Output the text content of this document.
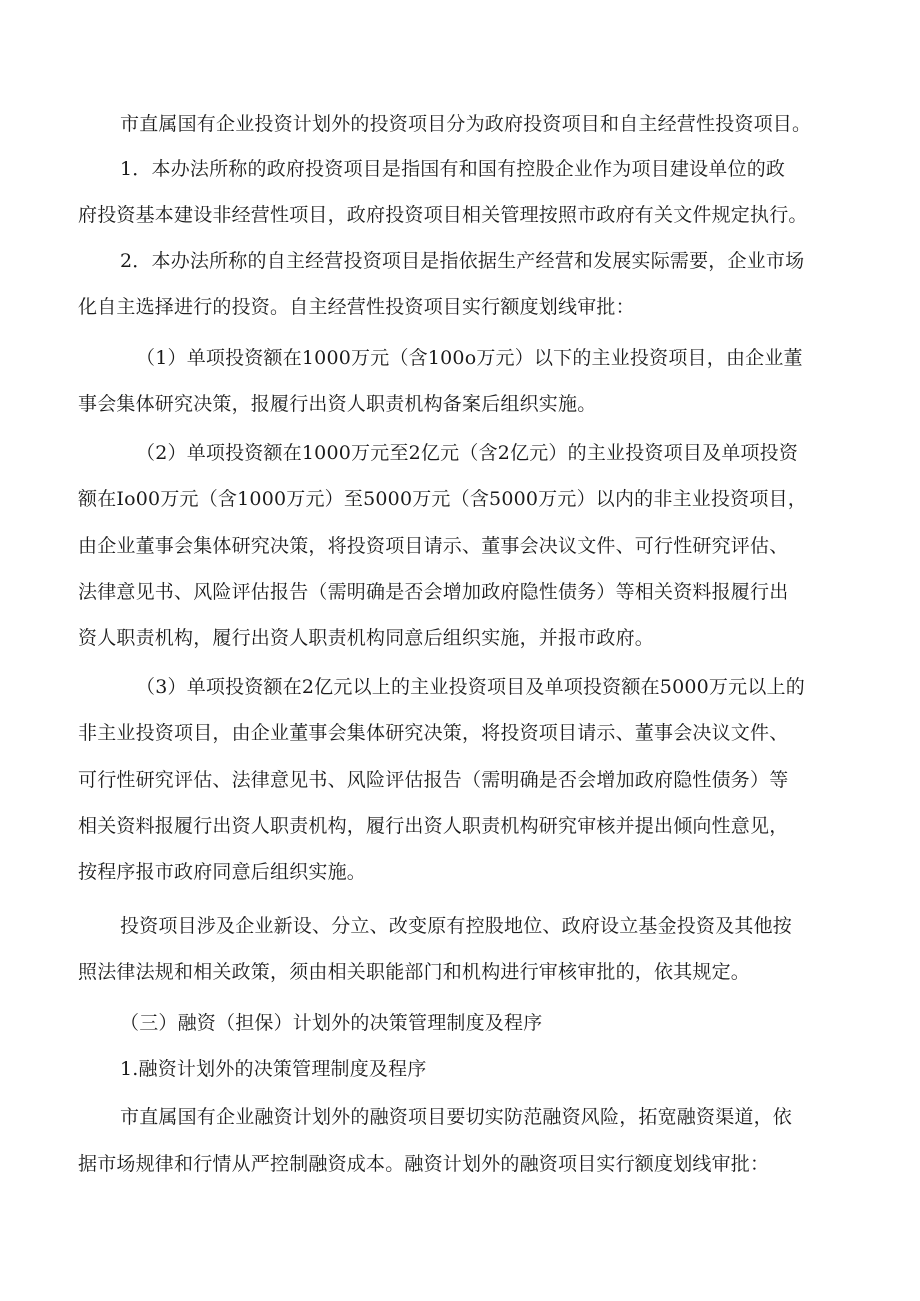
市直属国有企业投资计划外的投资项目分为政府投资项目和自主经营性投资项目。
1．本办法所称的政府投资项目是指国有和国有控股企业作为项目建设单位的政
府投资基本建设非经营性项目，政府投资项目相关管理按照市政府有关文件规定执行。
2．本办法所称的自主经营投资项目是指依据生产经营和发展实际需要，企业市场
化自主选择进行的投资。自主经营性投资项目实行额度划线审批：
（1）单项投资额在1000万元（含100o万元）以下的主业投资项目，由企业董
事会集体研究决策，报履行出资人职责机构备案后组织实施。
（2）单项投资额在1000万元至2亿元（含2亿元）的主业投资项目及单项投资
额在Io00万元（含1000万元）至5000万元（含5000万元）以内的非主业投资项目，
由企业董事会集体研究决策，将投资项目请示、董事会决议文件、可行性研究评估、
法律意见书、风险评估报告（需明确是否会增加政府隐性债务）等相关资料报履行出
资人职责机构，履行出资人职责机构同意后组织实施，并报市政府。
（3）单项投资额在2亿元以上的主业投资项目及单项投资额在5000万元以上的
非主业投资项目，由企业董事会集体研究决策，将投资项目请示、董事会决议文件、
可行性研究评估、法律意见书、风险评估报告（需明确是否会增加政府隐性债务）等
相关资料报履行出资人职责机构，履行出资人职责机构研究审核并提出倾向性意见，
按程序报市政府同意后组织实施。
投资项目涉及企业新设、分立、改变原有控股地位、政府设立基金投资及其他按
照法律法规和相关政策，须由相关职能部门和机构进行审核审批的，依其规定。
（三）融资（担保）计划外的决策管理制度及程序
1.融资计划外的决策管理制度及程序
市直属国有企业融资计划外的融资项目要切实防范融资风险，拓宽融资渠道，依
据市场规律和行情从严控制融资成本。融资计划外的融资项目实行额度划线审批：
